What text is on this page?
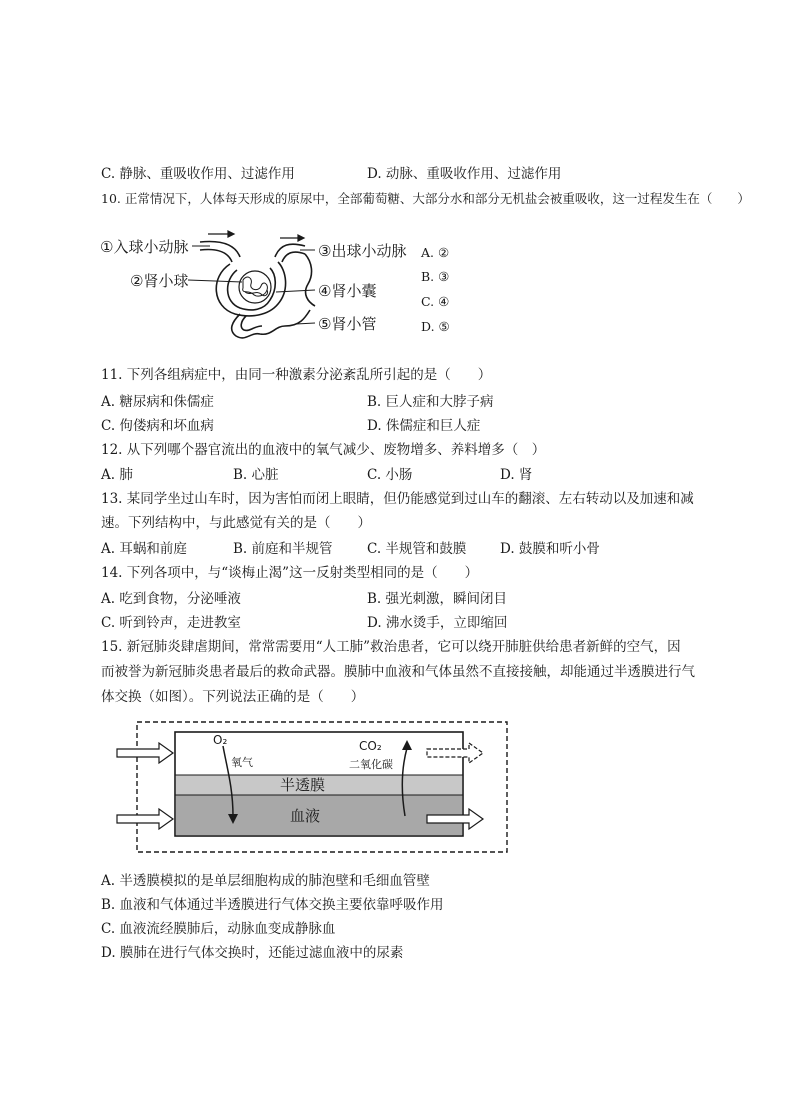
C. 静脉、重吸收作用、过滤作用	D. 动脉、重吸收作用、过滤作用
10. 正常情况下，人体每天形成的原尿中，全部葡萄糖、大部分水和部分无机盐会被重吸收，这一过程发生在（　　）
①入球小动脉
②肾小球
③出球小动脉
④肾小囊
⑤肾小管
A. ②
B. ③
C. ④
D. ⑤
11. 下列各组病症中，由同一种激素分泌紊乱所引起的是（　　）
A. 糖尿病和侏儒症	B. 巨人症和大脖子病
C. 佝偻病和坏血病	D. 侏儒症和巨人症
12. 从下列哪个器官流出的血液中的氧气减少、废物增多、养料增多（　）
A. 肺	B. 心脏	C. 小肠	D. 肾
13. 某同学坐过山车时，因为害怕而闭上眼睛，但仍能感觉到过山车的翻滚、左右转动以及加速和减
速。下列结构中，与此感觉有关的是（　　）
A. 耳蜗和前庭	B. 前庭和半规管	C. 半规管和鼓膜 D. 鼓膜和听小骨
14. 下列各项中，与“谈梅止渴”这一反射类型相同的是（　　）
A. 吃到食物，分泌唾液	B. 强光刺激，瞬间闭目
C. 听到铃声，走进教室	D. 沸水烫手，立即缩回
15. 新冠肺炎肆虐期间，常常需要用“人工肺”救治患者，它可以绕开肺脏供给患者新鲜的空气，因
而被誉为新冠肺炎患者最后的救命武器。膜肺中血液和气体虽然不直接接触，却能通过半透膜进行气
体交换（如图）。下列说法正确的是（　　）
O₂
氧气
CO₂
二氧化碳
半透膜
血液
A. 半透膜模拟的是单层细胞构成的肺泡壁和毛细血管壁
B. 血液和气体通过半透膜进行气体交换主要依靠呼吸作用
C. 血液流经膜肺后，动脉血变成静脉血
D. 膜肺在进行气体交换时，还能过滤血液中的尿素
